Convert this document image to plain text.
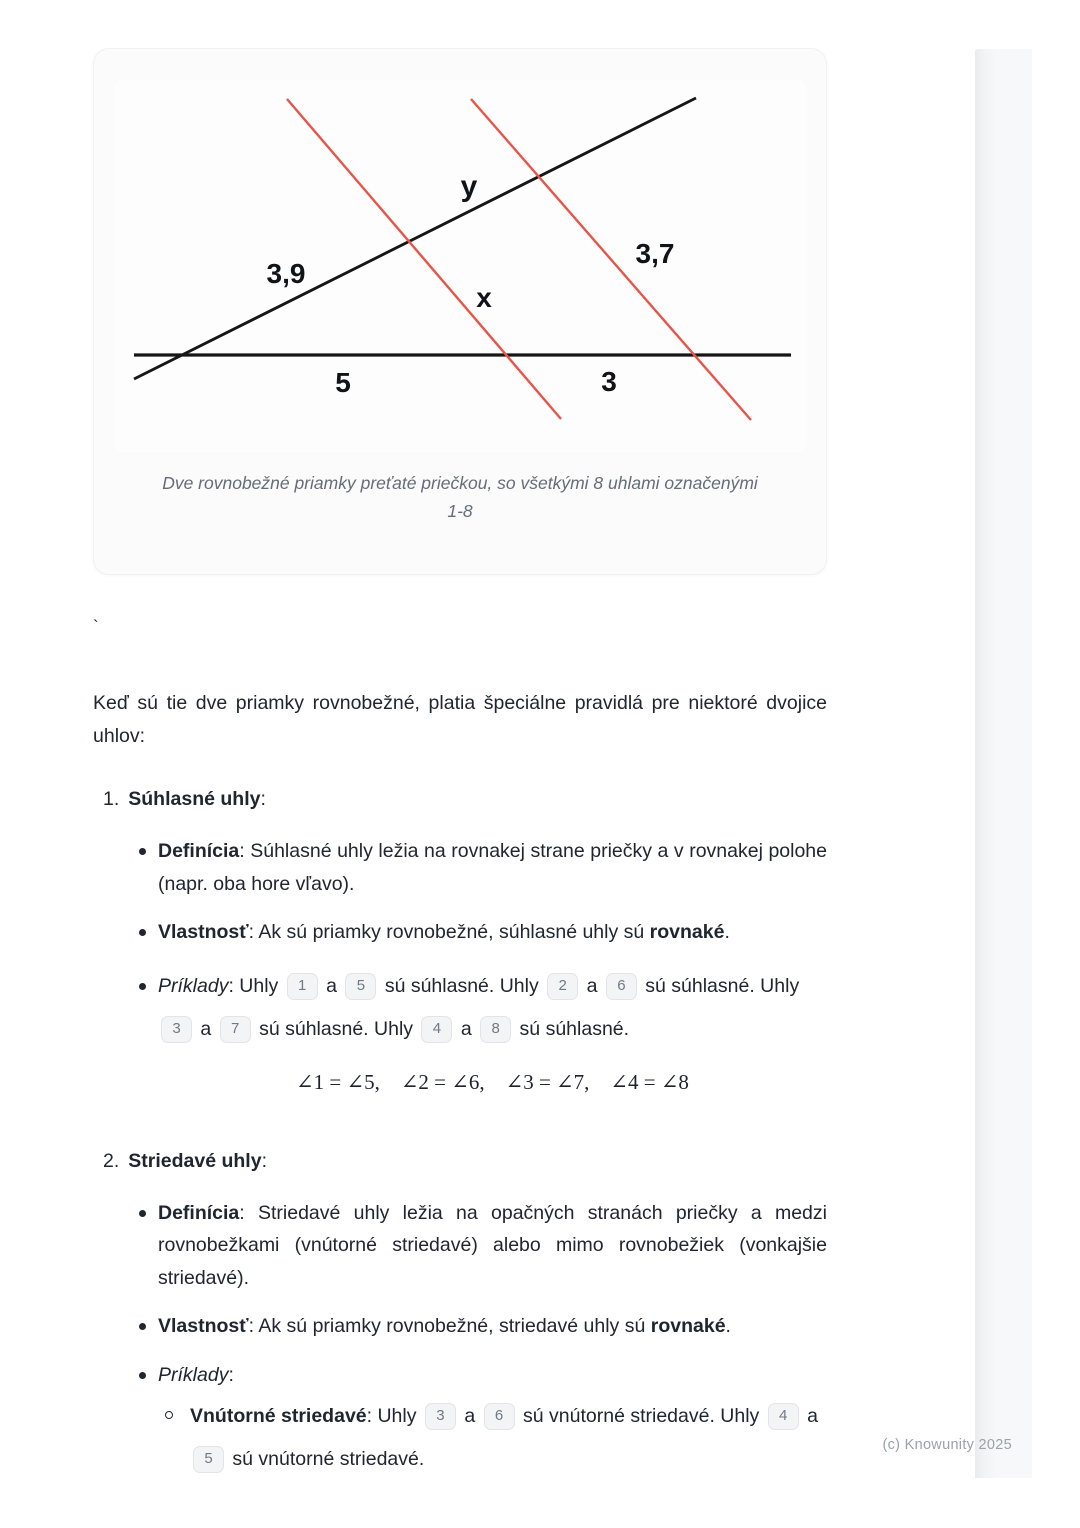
y
3,9
x
3,7
5	3
Dve rovnobežné priamky preťaté priečkou, so všetkými 8 uhlami označenými
1-8
`

Keď sú tie dve priamky rovnobežné, platia špeciálne pravidlá pre niektoré dvojice uhlov:

1. Súhlasné uhly:

Definícia: Súhlasné uhly ležia na rovnakej strane priečky a v rovnakej polohe (napr. oba hore vľavo).

Vlastnosť: Ak sú priamky rovnobežné, súhlasné uhly sú rovnaké.

Príklady: Uhly 1 a 5 sú súhlasné. Uhly 2 a 6 sú súhlasné. Uhly 3 a 7 sú súhlasné. Uhly 4 a 8 sú súhlasné.

∠1 = ∠5, ∠2 = ∠6, ∠3 = ∠7, ∠4 = ∠8
2. Striedavé uhly:

Definícia: Striedavé uhly ležia na opačných stranách priečky a medzi rovnobežkami (vnútorné striedavé) alebo mimo rovnobežiek (vonkajšie striedavé).

Vlastnosť: Ak sú priamky rovnobežné, striedavé uhly sú rovnaké.

Príklady:

Vnútorné striedavé: Uhly 3 a 6 sú vnútorné striedavé. Uhly 4 a 5 sú vnútorné striedavé.

(c) Knowunity 2025
